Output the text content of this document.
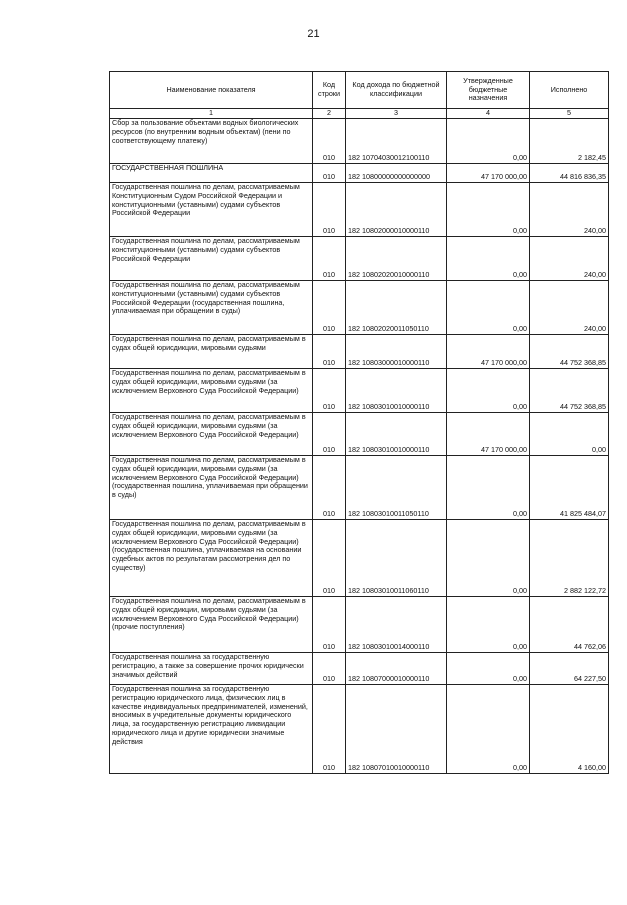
21
Наименование показателя	Код строки	Код дохода по бюджетной классификации	Утвержденные бюджетные назначения	Исполнено
1	2	3	4	5
Сбор за пользование объектами водных биологических ресурсов (по внутренним водным объектам) (пени по соответствующему платежу)	010	182 10704030012100110	0,00	2 182,45
ГОСУДАРСТВЕННАЯ ПОШЛИНА	010	182 10800000000000000	47 170 000,00	44 816 836,35
Государственная пошлина по делам, рассматриваемым Конституционным Судом Российской Федерации и конституционными (уставными) судами субъектов Российской Федерации	010	182 10802000010000110	0,00	240,00
Государственная пошлина по делам, рассматриваемым конституционными (уставными) судами субъектов Российской Федерации	010	182 10802020010000110	0,00	240,00
Государственная пошлина по делам, рассматриваемым конституционными (уставными) судами субъектов Российской Федерации (государственная пошлина, уплачиваемая при обращении в суды)	010	182 10802020011050110	0,00	240,00
Государственная пошлина по делам, рассматриваемым в судах общей юрисдикции, мировыми судьями	010	182 10803000010000110	47 170 000,00	44 752 368,85
Государственная пошлина по делам, рассматриваемым в судах общей юрисдикции, мировыми судьями (за исключением Верховного Суда Российской Федерации)	010	182 10803010010000110	0,00	44 752 368,85
Государственная пошлина по делам, рассматриваемым в судах общей юрисдикции, мировыми судьями (за исключением Верховного Суда Российской Федерации)	010	182 10803010010000110	47 170 000,00	0,00
Государственная пошлина по делам, рассматриваемым в судах общей юрисдикции, мировыми судьями (за исключением Верховного Суда Российской Федерации) (государственная пошлина, уплачиваемая при обращении в суды)	010	182 10803010011050110	0,00	41 825 484,07
Государственная пошлина по делам, рассматриваемым в судах общей юрисдикции, мировыми судьями (за исключением Верховного Суда Российской Федерации) (государственная пошлина, уплачиваемая на основании судебных актов по результатам рассмотрения дел по существу)	010	182 10803010011060110	0,00	2 882 122,72
Государственная пошлина по делам, рассматриваемым в судах общей юрисдикции, мировыми судьями (за исключением Верховного Суда Российской Федерации) (прочие поступления)	010	182 10803010014000110	0,00	44 762,06
Государственная пошлина за государственную регистрацию, а также за совершение прочих юридически значимых действий	010	182 10807000010000110	0,00	64 227,50
Государственная пошлина за государственную регистрацию юридического лица, физических лиц в качестве индивидуальных предпринимателей, изменений, вносимых в учредительные документы юридического лица, за государственную регистрацию ликвидации юридического лица и другие юридически значимые действия	010	182 10807010010000110	0,00	4 160,00
